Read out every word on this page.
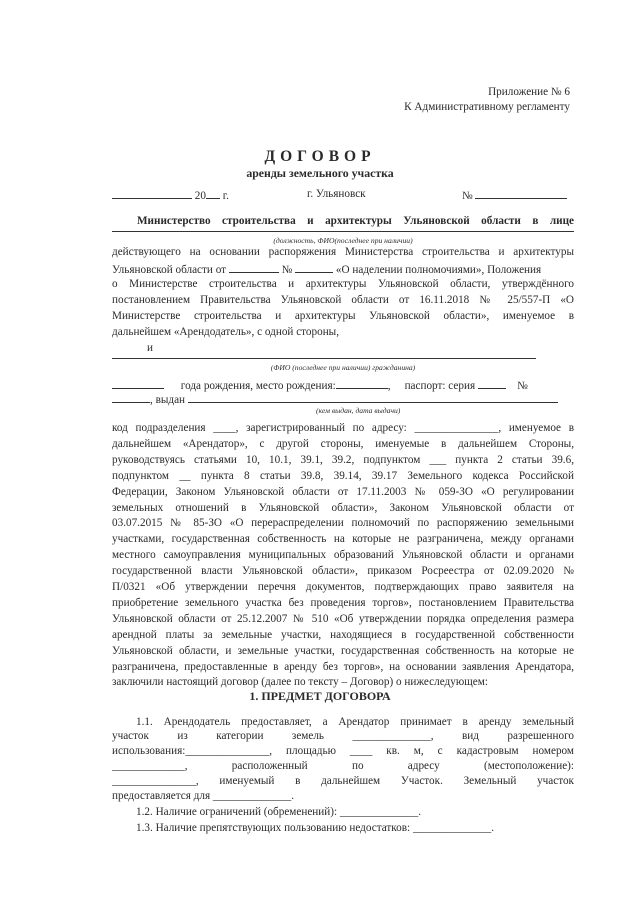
Приложение № 6
К Административному регламенту
ДОГОВОР
аренды земельного участка
20 г.	г. Ульяновск	№
Министерство строительства и архитектуры Ульяновской области в лице
(должность, ФИО(последнее при наличии)
действующего на основании распоряжения Министерства строительства и архитектуры
Ульяновской области от	№	«О наделении полномочиями», Положения
о Министерстве строительства и архитектуры Ульяновской области, утверждённого
постановлением Правительства Ульяновской области от 16.11.2018 № 25/557-П «О
Министерстве строительства и архитектуры Ульяновской области», именуемое в
дальнейшем «Арендодатель», с одной стороны,
и
(ФИО (последнее при наличии) гражданина)
года рождения, место рождения:	,     паспорт: серия	№
, выдан
(кем выдан, дата выдачи)
код подразделения ____, зарегистрированный по адресу: _______________, именуемое в
дальнейшем «Арендатор», с другой стороны, именуемые в дальнейшем Стороны,
руководствуясь статьями 10, 10.1, 39.1, 39.2, подпунктом ___ пункта 2 статьи 39.6,
подпунктом __ пункта 8 статьи 39.8, 39.14, 39.17 Земельного кодекса Российской
Федерации, Законом Ульяновской области от 17.11.2003 № 059-ЗО «О регулировании
земельных отношений в Ульяновской области», Законом Ульяновской области от
03.07.2015 № 85-ЗО «О перераспределении полномочий по распоряжению земельными
участками, государственная собственность на которые не разграничена, между органами
местного самоуправления муниципальных образований Ульяновской области и органами
государственной власти Ульяновской области», приказом Росреестра от 02.09.2020 №
П/0321 «Об утверждении перечня документов, подтверждающих право заявителя на
приобретение земельного участка без проведения торгов», постановлением Правительства
Ульяновской области от 25.12.2007 № 510 «Об утверждении порядка определения размера
арендной платы за земельные участки, находящиеся в государственной собственности
Ульяновской области, и земельные участки, государственная собственность на которые не
разграничена, предоставленные в аренду без торгов», на основании заявления Арендатора,
заключили настоящий договор (далее по тексту – Договор) о нижеследующем:
1. ПРЕДМЕТ ДОГОВОРА
1.1. Арендодатель предоставляет, а Арендатор принимает в аренду земельный
участок из категории земель ______________, вид разрешенного
использования:_______________, площадью ____ кв. м, с кадастровым номером
_____________, расположенный по адресу (местоположение):
_______________, именуемый в дальнейшем Участок. Земельный участок
предоставляется для ______________.
1.2. Наличие ограничений (обременений): ______________.
1.3. Наличие препятствующих пользованию недостатков: ______________.
